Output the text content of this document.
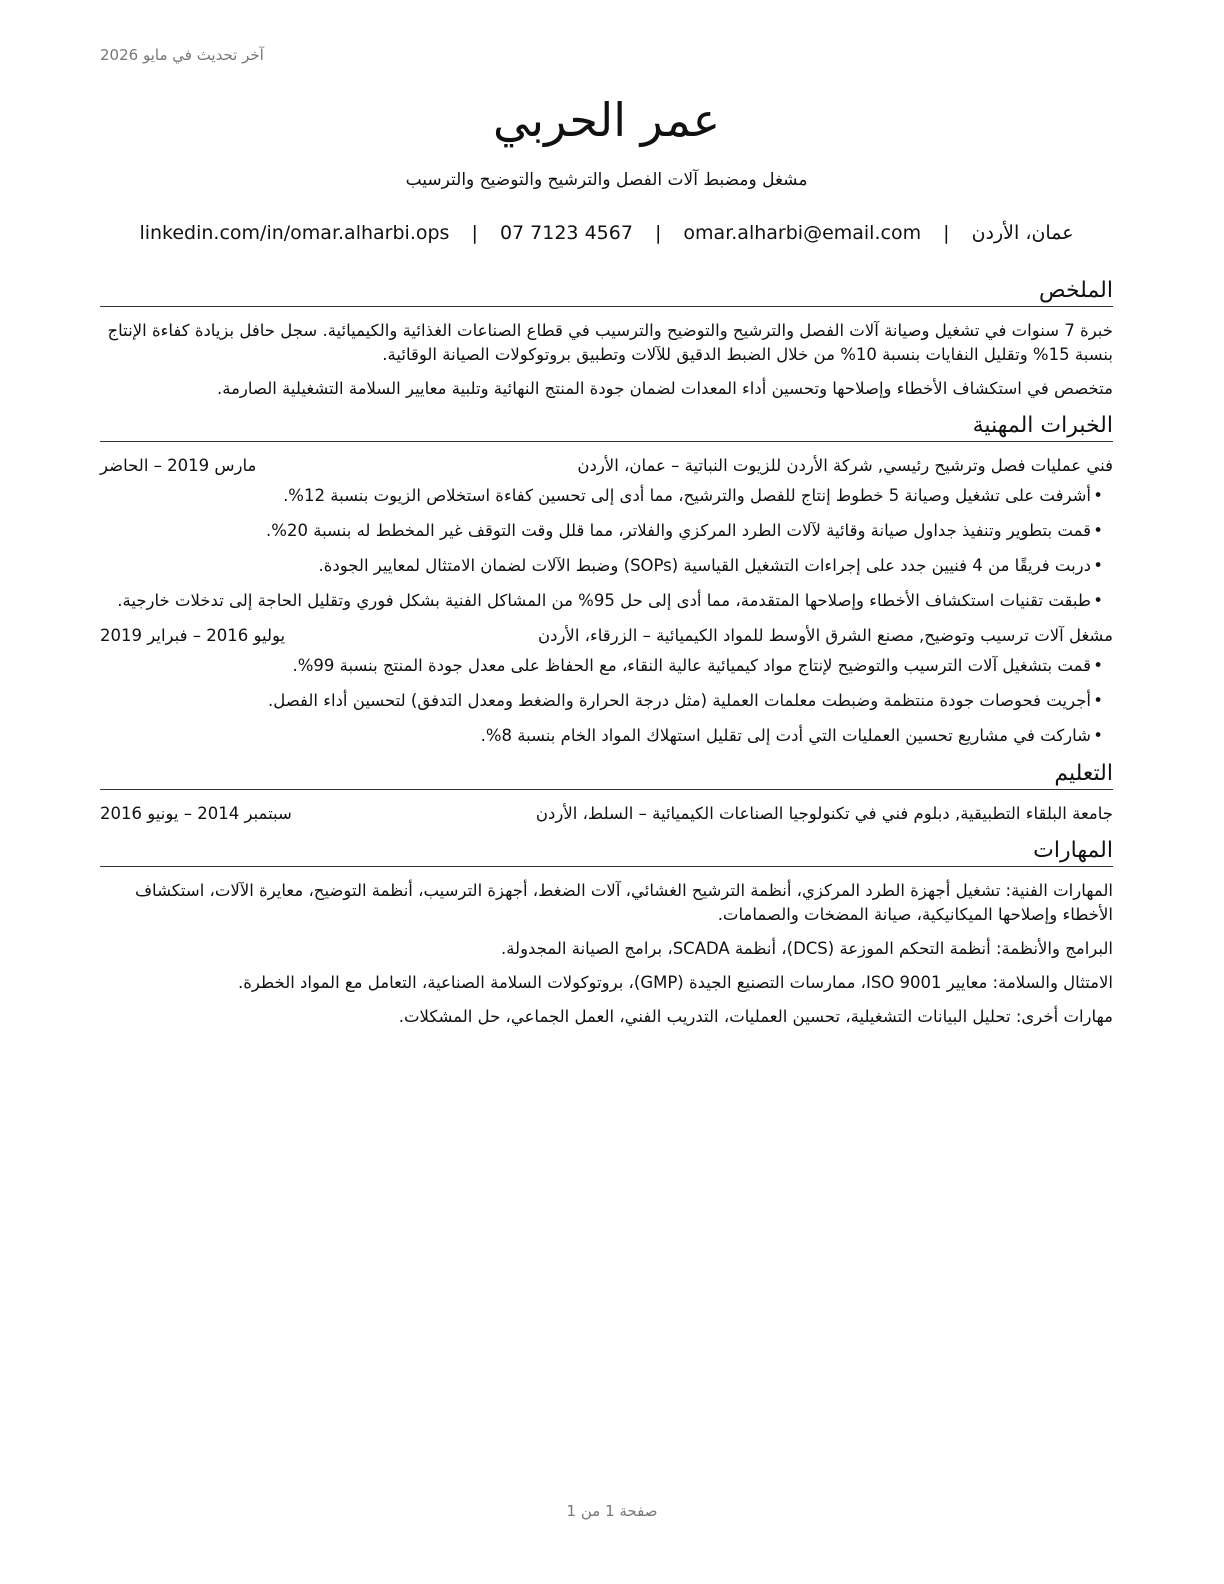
آخر تحديث في مايو 2026
عمر الحربي
مشغل ومضبط آلات الفصل والترشيح والتوضيح والترسيب
عمان، الأردن | omar.alharbi@email.com | 07 7123 4567 | linkedin.com/in/omar.alharbi.ops
الملخص

خبرة 7 سنوات في تشغيل وصيانة آلات الفصل والترشيح والتوضيح والترسيب في قطاع الصناعات الغذائية والكيميائية. سجل حافل بزيادة كفاءة الإنتاج بنسبة 15% وتقليل النفايات بنسبة 10% من خلال الضبط الدقيق للآلات وتطبيق بروتوكولات الصيانة الوقائية.

متخصص في استكشاف الأخطاء وإصلاحها وتحسين أداء المعدات لضمان جودة المنتج النهائية وتلبية معايير السلامة التشغيلية الصارمة.

الخبرات المهنية
فني عمليات فصل وترشيح رئيسي, شركة الأردن للزيوت النباتية – عمان، الأردن
مارس 2019 – الحاضر
•أشرفت على تشغيل وصيانة 5 خطوط إنتاج للفصل والترشيح، مما أدى إلى تحسين كفاءة استخلاص الزيوت بنسبة 12%.
•قمت بتطوير وتنفيذ جداول صيانة وقائية لآلات الطرد المركزي والفلاتر، مما قلل وقت التوقف غير المخطط له بنسبة 20%.
•دربت فريقًا من 4 فنيين جدد على إجراءات التشغيل القياسية (SOPs) وضبط الآلات لضمان الامتثال لمعايير الجودة.
•طبقت تقنيات استكشاف الأخطاء وإصلاحها المتقدمة، مما أدى إلى حل 95% من المشاكل الفنية بشكل فوري وتقليل الحاجة إلى تدخلات خارجية.
مشغل آلات ترسيب وتوضيح, مصنع الشرق الأوسط للمواد الكيميائية – الزرقاء، الأردن
يوليو 2016 – فبراير 2019
•قمت بتشغيل آلات الترسيب والتوضيح لإنتاج مواد كيميائية عالية النقاء، مع الحفاظ على معدل جودة المنتج بنسبة 99%.
•أجريت فحوصات جودة منتظمة وضبطت معلمات العملية (مثل درجة الحرارة والضغط ومعدل التدفق) لتحسين أداء الفصل.
•شاركت في مشاريع تحسين العمليات التي أدت إلى تقليل استهلاك المواد الخام بنسبة 8%.
التعليم
جامعة البلقاء التطبيقية, دبلوم فني في تكنولوجيا الصناعات الكيميائية – السلط، الأردن
سبتمبر 2014 – يونيو 2016
المهارات

المهارات الفنية: تشغيل أجهزة الطرد المركزي، أنظمة الترشيح الغشائي، آلات الضغط، أجهزة الترسيب، أنظمة التوضيح، معايرة الآلات، استكشاف الأخطاء وإصلاحها الميكانيكية، صيانة المضخات والصمامات.

البرامج والأنظمة: أنظمة التحكم الموزعة (DCS)، أنظمة SCADA، برامج الصيانة المجدولة.

الامتثال والسلامة: معايير ISO 9001، ممارسات التصنيع الجيدة (GMP)، بروتوكولات السلامة الصناعية، التعامل مع المواد الخطرة.

مهارات أخرى: تحليل البيانات التشغيلية، تحسين العمليات، التدريب الفني، العمل الجماعي، حل المشكلات.

صفحة 1 من 1
